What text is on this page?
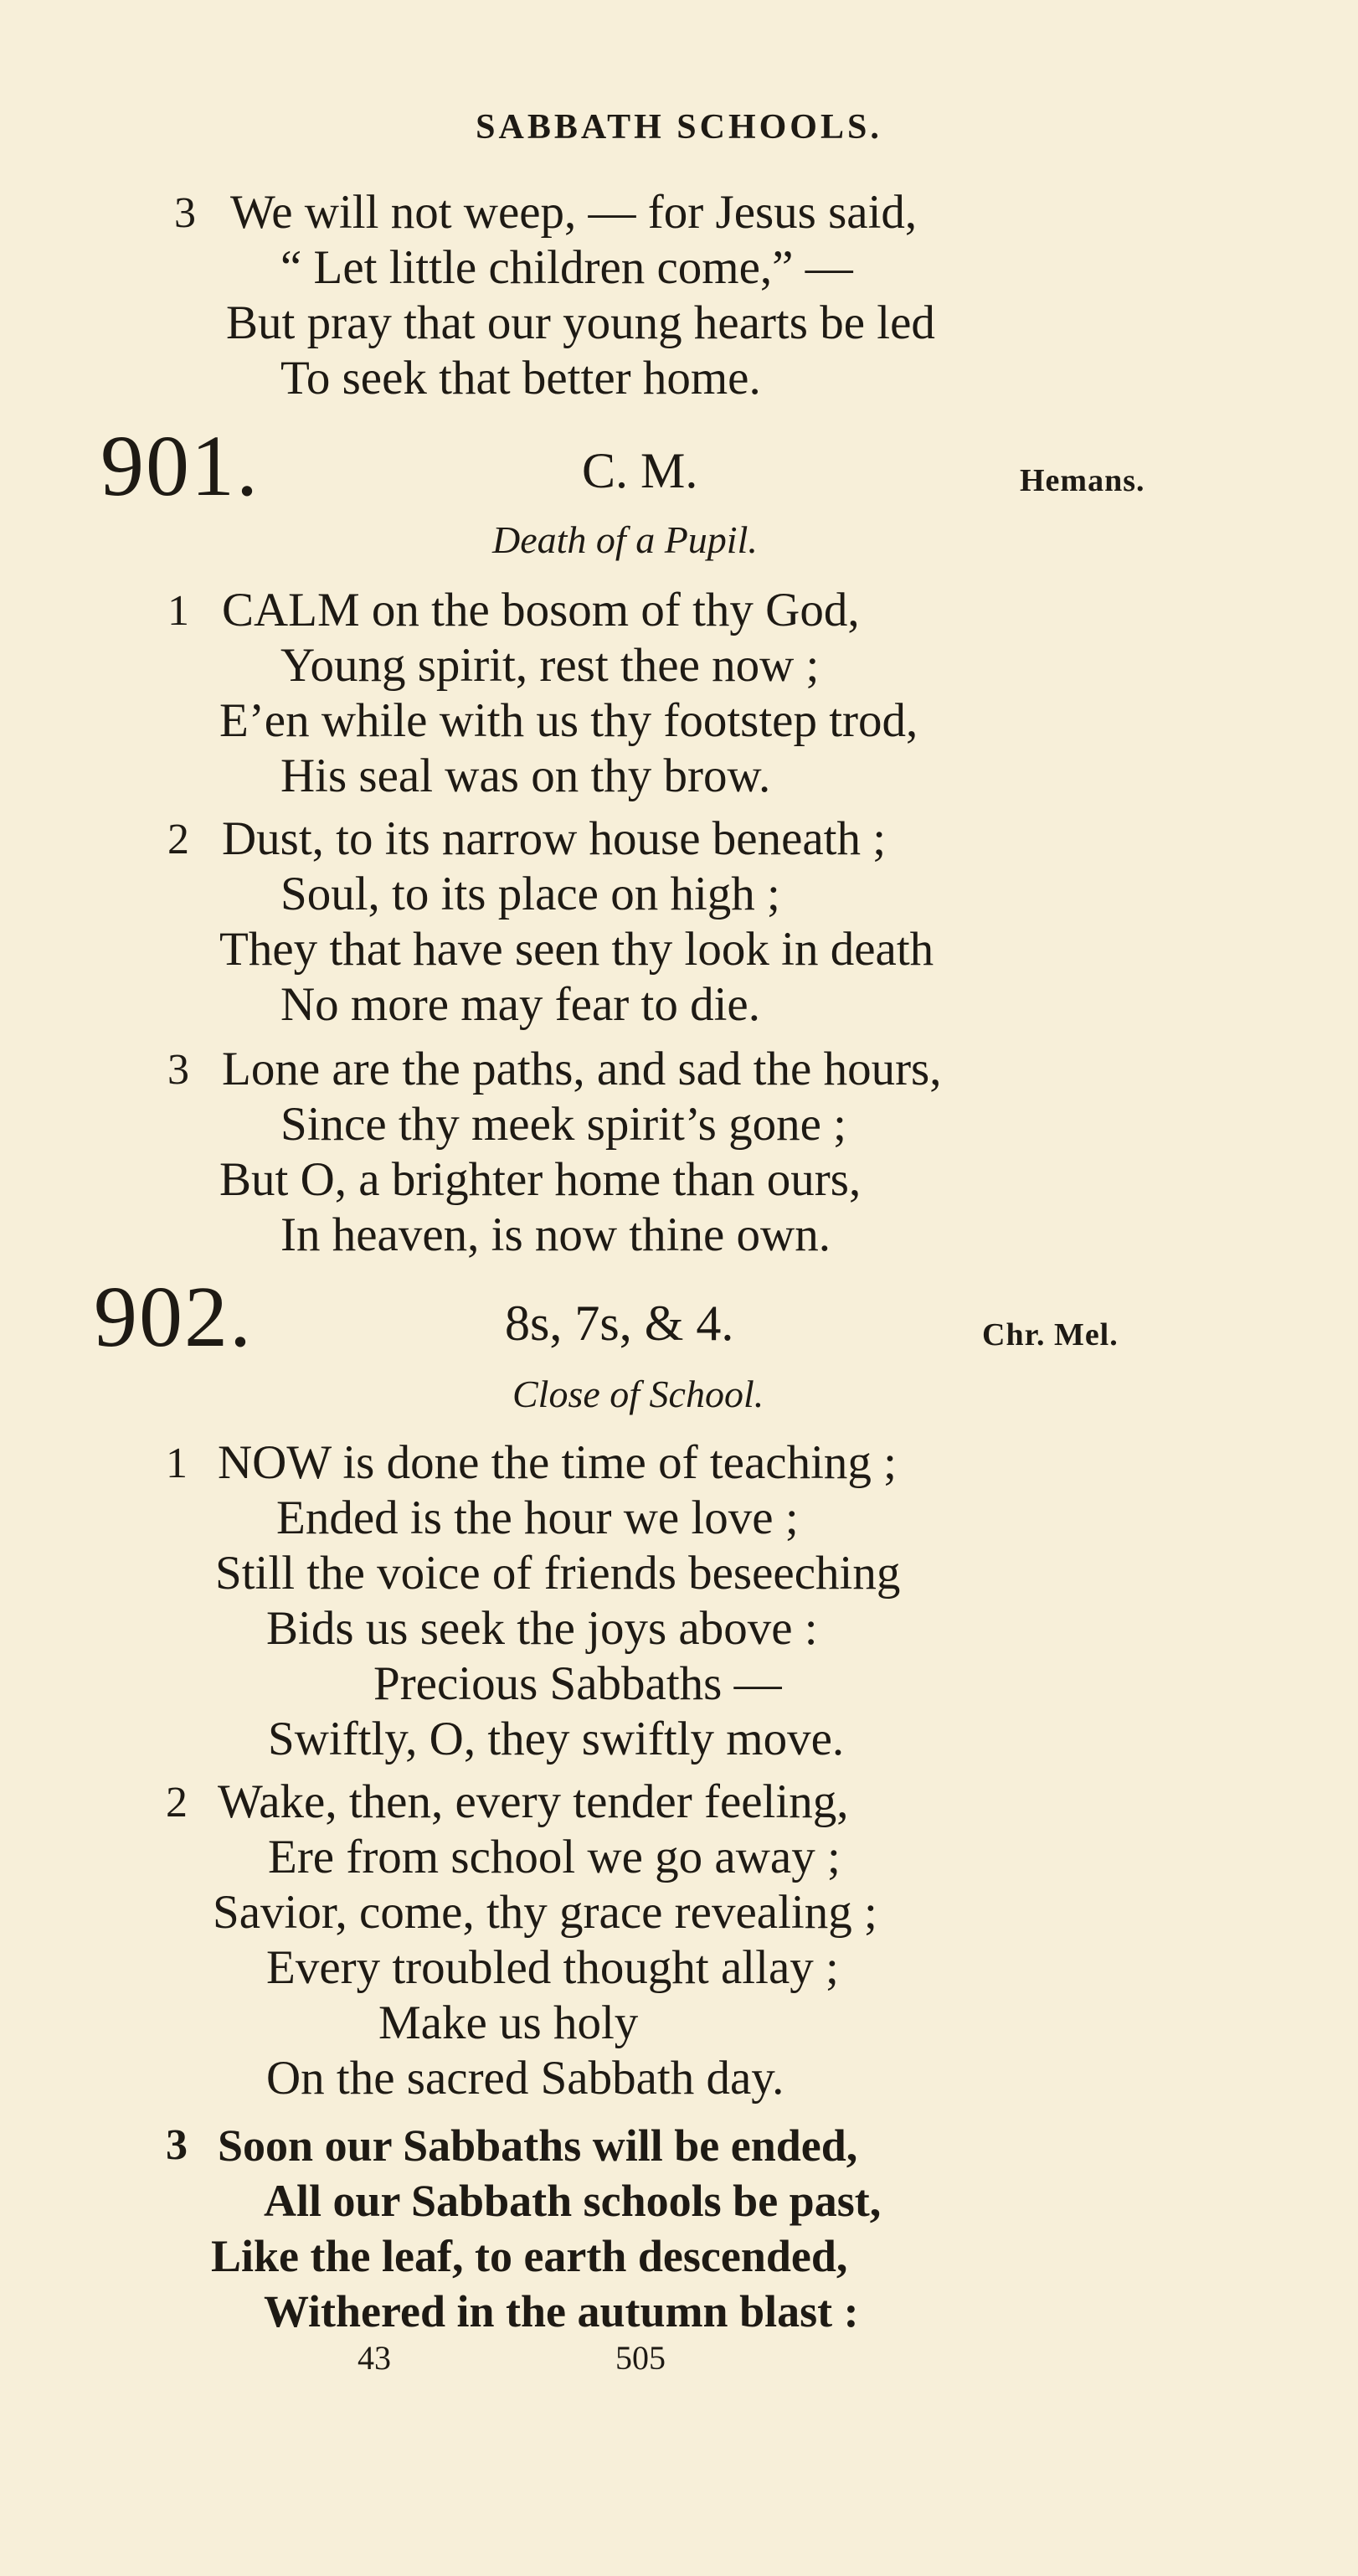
SABBATH SCHOOLS.
3 We will not weep, — for Jesus said,
“ Let little children come,” —
But pray that our young hearts be led
To seek that better home.
901.	C. M.	Hemans.
Death of a Pupil.
1 CALM on the bosom of thy God,
Young spirit, rest thee now ;
E’en while with us thy footstep trod,
His seal was on thy brow.
2 Dust, to its narrow house beneath ;
Soul, to its place on high ;
They that have seen thy look in death
No more may fear to die.
3 Lone are the paths, and sad the hours,
Since thy meek spirit’s gone ;
But O, a brighter home than ours,
In heaven, is now thine own.
902.	8s, 7s, & 4.	Chr. Mel.
Close of School.
1 NOW is done the time of teaching ;
Ended is the hour we love ;
Still the voice of friends beseeching
Bids us seek the joys above :
Precious Sabbaths —
Swiftly, O, they swiftly move.
2 Wake, then, every tender feeling,
Ere from school we go away ;
Savior, come, thy grace revealing ;
Every troubled thought allay ;
Make us holy
On the sacred Sabbath day.
3 Soon our Sabbaths will be ended,
All our Sabbath schools be past,
Like the leaf, to earth descended,
Withered in the autumn blast :
43	505
